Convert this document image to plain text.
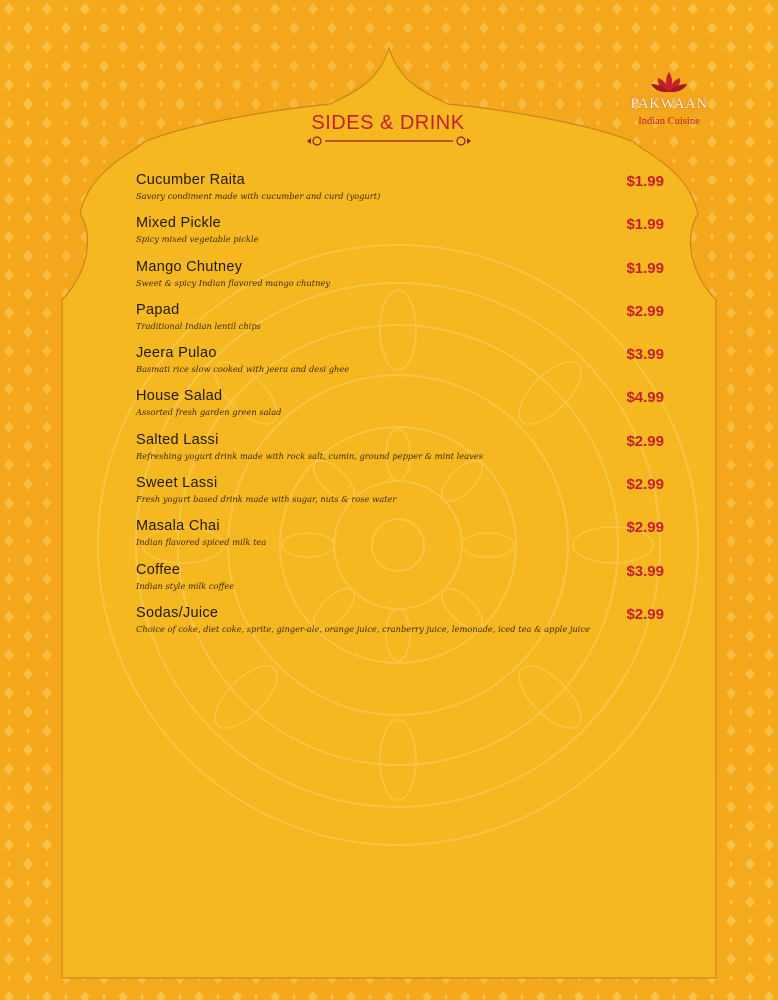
PAKWAAN
Indian Cuisine
SIDES & DRINK
Cucumber Raita
Savory condiment made with cucumber and curd (yogurt)
$1.99
Mixed Pickle
Spicy mixed vegetable pickle
$1.99
Mango Chutney
Sweet & spicy Indian flavored mango chutney
$1.99
Papad
Traditional Indian lentil chips
$2.99
Jeera Pulao
Basmati rice slow cooked with jeera and desi ghee
$3.99
House Salad
Assorted fresh garden green salad
$4.99
Salted Lassi
Refreshing yogurt drink made with rock salt, cumin, ground pepper & mint leaves
$2.99
Sweet Lassi
Fresh yogurt based drink made with sugar, nuts & rose water
$2.99
Masala Chai
Indian flavored spiced milk tea
$2.99
Coffee
Indian style milk coffee
$3.99
Sodas/Juice
Choice of coke, diet coke, sprite, ginger-ale, orange juice, cranberry juice, lemonade, iced tea & apple juice
$2.99
